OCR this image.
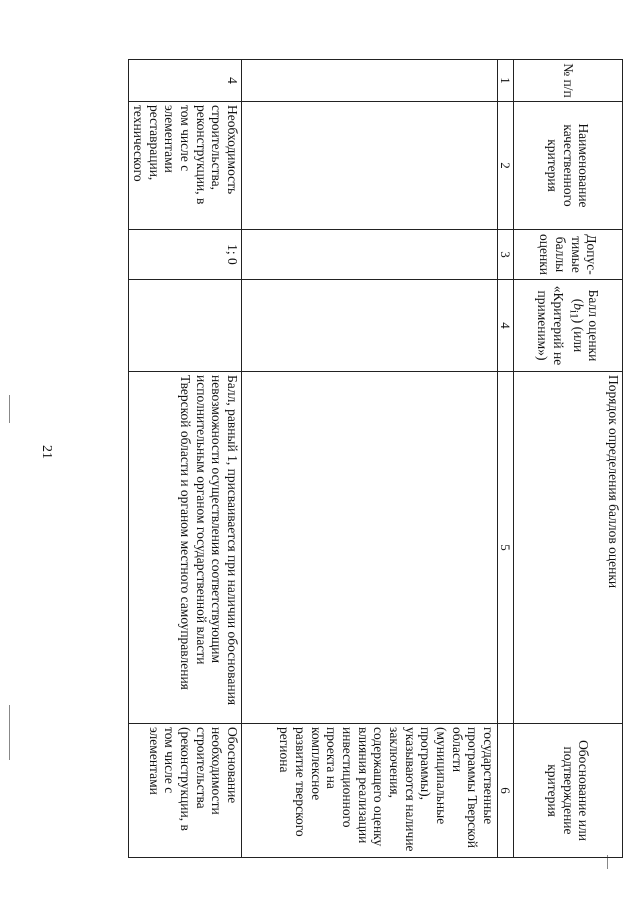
21
№ п/п	Наименование качественного критерия	Допус-тимые баллы оценки	Балл оценки $(b_{i1})$ (или «Критерий не применим»)	Порядок определения баллов оценки	Обоснование или подтверждение критерия
1	2	3	4	5	6
					государственные программы Тверской области (муниципальные программы), указываются наличие заключения, содержащего оценку влияния реализации инвестиционного проекта на комплексное развитие тверского региона
4	Необходимость строительства, реконструкции, в том числе с элементами реставрации, технического	1; 0		Балл, равный 1, присваивается при наличии обоснования невозможности осуществления соответствующим исполнительным органом государственной власти Тверской области и органом местного самоуправления	Обоснование необходимости строительства (реконструкции, в том числе с элементами
